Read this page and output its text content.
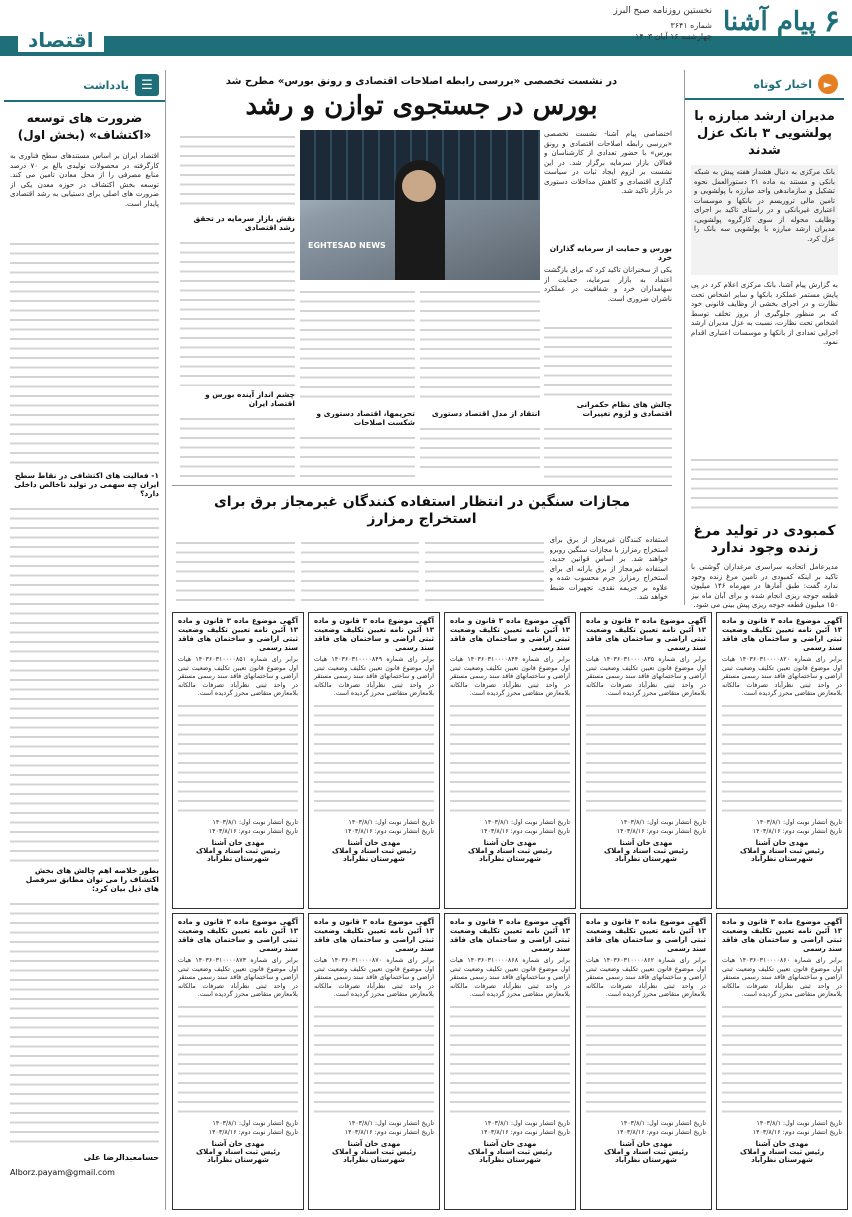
۶
پیام آشنا
نخستین روزنامه صبح البرز
شماره ۳۶۴۱
چهارشنبه ۱۶ آبان ۱۴۰۳
اقتصاد
►
اخبار کوتاه
مدیران ارشد مبارزه با پولشویی ۳ بانک عزل شدند
بانک مرکزی به دنبال هشدار هفته پیش به شبکه بانکی و مستند به ماده ۲۱ دستورالعمل نحوه تشکیل و سازماندهی واحد مبارزه با پولشویی و تامین مالی تروریسم در بانکها و موسسات اعتباری غیربانکی و در راستای تاکید بر اجرای وظایف محوله از سوی کارگروه پولشویی، مدیران ارشد مبارزه با پولشویی سه بانک را عزل کرد.
به گزارش پیام آشنا، بانک مرکزی اعلام کرد در پی پایش مستمر عملکرد بانکها و سایر اشخاص تحت نظارت و در اجرای بخشی از وظایف قانونی خود که بر منظور جلوگیری از بروز تخلف توسط اشخاص تحت نظارت، نسبت به عزل مدیران ارشد اجرایی تعدادی از بانکها و موسسات اعتباری اقدام نمود.
کمبودی در تولید مرغ زنده وجود ندارد
مدیرعامل اتحادیه سراسری مرغداران گوشتی با تاکید بر اینکه کمبودی در تامین مرغ زنده وجود ندارد گفت: طبق آمارها در مهرماه ۱۴۶ میلیون قطعه جوجه ریزی انجام شده و برای آبان ماه نیز ۱۵۰ میلیون قطعه جوجه ریزی پیش بینی می شود.
در نشست تخصصی «بررسی رابطه اصلاحات اقتصادی و رونق بورس» مطرح شد
بورس در جستجوی توازن و رشد
EGHTESAD NEWS
اختصاصی پیام آشنا- نشست تخصصی «بررسی رابطه اصلاحات اقتصادی و رونق بورس» با حضور تعدادی از کارشناسان و فعالان بازار سرمایه برگزار شد. در این نشست بر لزوم ایجاد ثبات در سیاست گذاری اقتصادی و کاهش مداخلات دستوری در بازار تاکید شد.
بورس و حمایت از سرمایه گذاران خرد
یکی از سخنرانان تاکید کرد که برای بازگشت اعتماد به بازار سرمایه، حمایت از سهامداران خرد و شفافیت در عملکرد ناشران ضروری است.
چالش های نظام حکمرانی اقتصادی و لزوم تغییرات
انتقاد از مدل اقتصاد دستوری
تحریمها، اقتصاد دستوری و شکست اصلاحات
نقش بازار سرمایه در تحقق رشد اقتصادی
چشم انداز آینده بورس و اقتصاد ایران
مجازات سنگین در انتظار استفاده کنندگان غیرمجاز برق برای استخراج رمزارز
استفاده کنندگان غیرمجاز از برق برای استخراج رمزارز با مجازات سنگین روبرو خواهند شد. بر اساس قوانین جدید، استفاده غیرمجاز از برق یارانه ای برای استخراج رمزارز جرم محسوب شده و علاوه بر جریمه نقدی، تجهیزات ضبط خواهد شد.
☰
یادداشت
ضرورت های توسعه «اکتشاف» (بخش اول)
اقتصاد ایران بر اساس مستندهای سطح فناوری به کارگرفته در محصولات تولیدی بالغ بر ۷۰ درصد منابع مصرفی را از محل معادن تامین می کند. توسعه بخش اکتشاف در حوزه معدن یکی از ضرورت های اصلی برای دستیابی به رشد اقتصادی پایدار است.
۱- فعالیت های اکتشافی در نقاط سطح ایران چه سهمی در تولید ناخالص داخلی دارد؟
بطور خلاصه اهم چالش های بخش اکتشاف را می توان مطابق سرفصل های ذیل بیان کرد:
حسامعبدالرضا علی
Alborz.payam@gmail.com
آگهی موضوع ماده ۳ قانون و ماده ۱۳ آئین نامه تعیین تکلیف وضعیت ثبتی اراضی و ساختمان های فاقد سند رسمی
برابر رای شماره ۱۴۰۳۶۰۳۱۰۰۰۰۸۲۰ هیات اول موضوع قانون تعیین تکلیف وضعیت ثبتی اراضی و ساختمانهای فاقد سند رسمی مستقر در واحد ثبتی نظرآباد تصرفات مالکانه بلامعارض متقاضی محرز گردیده است.
تاریخ انتشار نوبت اول: ۱۴۰۳/۸/۱
تاریخ انتشار نوبت دوم: ۱۴۰۳/۸/۱۶
مهدی خان آشنا
رئیس ثبت اسناد و املاک شهرستان نظرآباد
آگهی موضوع ماده ۳ قانون و ماده ۱۳ آئین نامه تعیین تکلیف وضعیت ثبتی اراضی و ساختمان های فاقد سند رسمی
برابر رای شماره ۱۴۰۳۶۰۳۱۰۰۰۰۸۳۵ هیات اول موضوع قانون تعیین تکلیف وضعیت ثبتی اراضی و ساختمانهای فاقد سند رسمی مستقر در واحد ثبتی نظرآباد تصرفات مالکانه بلامعارض متقاضی محرز گردیده است.
تاریخ انتشار نوبت اول: ۱۴۰۳/۸/۱
تاریخ انتشار نوبت دوم: ۱۴۰۳/۸/۱۶
مهدی خان آشنا
رئیس ثبت اسناد و املاک شهرستان نظرآباد
آگهی موضوع ماده ۳ قانون و ماده ۱۳ آئین نامه تعیین تکلیف وضعیت ثبتی اراضی و ساختمان های فاقد سند رسمی
برابر رای شماره ۱۴۰۳۶۰۳۱۰۰۰۰۸۴۴ هیات اول موضوع قانون تعیین تکلیف وضعیت ثبتی اراضی و ساختمانهای فاقد سند رسمی مستقر در واحد ثبتی نظرآباد تصرفات مالکانه بلامعارض متقاضی محرز گردیده است.
تاریخ انتشار نوبت اول: ۱۴۰۳/۸/۱
تاریخ انتشار نوبت دوم: ۱۴۰۳/۸/۱۶
مهدی خان آشنا
رئیس ثبت اسناد و املاک شهرستان نظرآباد
آگهی موضوع ماده ۳ قانون و ماده ۱۳ آئین نامه تعیین تکلیف وضعیت ثبتی اراضی و ساختمان های فاقد سند رسمی
برابر رای شماره ۱۴۰۳۶۰۳۱۰۰۰۰۸۴۹ هیات اول موضوع قانون تعیین تکلیف وضعیت ثبتی اراضی و ساختمانهای فاقد سند رسمی مستقر در واحد ثبتی نظرآباد تصرفات مالکانه بلامعارض متقاضی محرز گردیده است.
تاریخ انتشار نوبت اول: ۱۴۰۳/۸/۱
تاریخ انتشار نوبت دوم: ۱۴۰۳/۸/۱۶
مهدی خان آشنا
رئیس ثبت اسناد و املاک شهرستان نظرآباد
آگهی موضوع ماده ۳ قانون و ماده ۱۳ آئین نامه تعیین تکلیف وضعیت ثبتی اراضی و ساختمان های فاقد سند رسمی
برابر رای شماره ۱۴۰۳۶۰۳۱۰۰۰۰۸۵۱ هیات اول موضوع قانون تعیین تکلیف وضعیت ثبتی اراضی و ساختمانهای فاقد سند رسمی مستقر در واحد ثبتی نظرآباد تصرفات مالکانه بلامعارض متقاضی محرز گردیده است.
تاریخ انتشار نوبت اول: ۱۴۰۳/۸/۱
تاریخ انتشار نوبت دوم: ۱۴۰۳/۸/۱۶
مهدی خان آشنا
رئیس ثبت اسناد و املاک شهرستان نظرآباد
آگهی موضوع ماده ۳ قانون و ماده ۱۳ آئین نامه تعیین تکلیف وضعیت ثبتی اراضی و ساختمان های فاقد سند رسمی
برابر رای شماره ۱۴۰۳۶۰۳۱۰۰۰۰۸۶۰ هیات اول موضوع قانون تعیین تکلیف وضعیت ثبتی اراضی و ساختمانهای فاقد سند رسمی مستقر در واحد ثبتی نظرآباد تصرفات مالکانه بلامعارض متقاضی محرز گردیده است.
تاریخ انتشار نوبت اول: ۱۴۰۳/۸/۱
تاریخ انتشار نوبت دوم: ۱۴۰۳/۸/۱۶
مهدی خان آشنا
رئیس ثبت اسناد و املاک شهرستان نظرآباد
آگهی موضوع ماده ۳ قانون و ماده ۱۳ آئین نامه تعیین تکلیف وضعیت ثبتی اراضی و ساختمان های فاقد سند رسمی
برابر رای شماره ۱۴۰۳۶۰۳۱۰۰۰۰۸۶۲ هیات اول موضوع قانون تعیین تکلیف وضعیت ثبتی اراضی و ساختمانهای فاقد سند رسمی مستقر در واحد ثبتی نظرآباد تصرفات مالکانه بلامعارض متقاضی محرز گردیده است.
تاریخ انتشار نوبت اول: ۱۴۰۳/۸/۱
تاریخ انتشار نوبت دوم: ۱۴۰۳/۸/۱۶
مهدی خان آشنا
رئیس ثبت اسناد و املاک شهرستان نظرآباد
آگهی موضوع ماده ۳ قانون و ماده ۱۳ آئین نامه تعیین تکلیف وضعیت ثبتی اراضی و ساختمان های فاقد سند رسمی
برابر رای شماره ۱۴۰۳۶۰۳۱۰۰۰۰۸۶۸ هیات اول موضوع قانون تعیین تکلیف وضعیت ثبتی اراضی و ساختمانهای فاقد سند رسمی مستقر در واحد ثبتی نظرآباد تصرفات مالکانه بلامعارض متقاضی محرز گردیده است.
تاریخ انتشار نوبت اول: ۱۴۰۳/۸/۱
تاریخ انتشار نوبت دوم: ۱۴۰۳/۸/۱۶
مهدی خان آشنا
رئیس ثبت اسناد و املاک شهرستان نظرآباد
آگهی موضوع ماده ۳ قانون و ماده ۱۳ آئین نامه تعیین تکلیف وضعیت ثبتی اراضی و ساختمان های فاقد سند رسمی
برابر رای شماره ۱۴۰۳۶۰۳۱۰۰۰۰۸۷۰ هیات اول موضوع قانون تعیین تکلیف وضعیت ثبتی اراضی و ساختمانهای فاقد سند رسمی مستقر در واحد ثبتی نظرآباد تصرفات مالکانه بلامعارض متقاضی محرز گردیده است.
تاریخ انتشار نوبت اول: ۱۴۰۳/۸/۱
تاریخ انتشار نوبت دوم: ۱۴۰۳/۸/۱۶
مهدی خان آشنا
رئیس ثبت اسناد و املاک شهرستان نظرآباد
آگهی موضوع ماده ۳ قانون و ماده ۱۳ آئین نامه تعیین تکلیف وضعیت ثبتی اراضی و ساختمان های فاقد سند رسمی
برابر رای شماره ۱۴۰۳۶۰۳۱۰۰۰۰۸۷۳ هیات اول موضوع قانون تعیین تکلیف وضعیت ثبتی اراضی و ساختمانهای فاقد سند رسمی مستقر در واحد ثبتی نظرآباد تصرفات مالکانه بلامعارض متقاضی محرز گردیده است.
تاریخ انتشار نوبت اول: ۱۴۰۳/۸/۱
تاریخ انتشار نوبت دوم: ۱۴۰۳/۸/۱۶
مهدی خان آشنا
رئیس ثبت اسناد و املاک شهرستان نظرآباد
